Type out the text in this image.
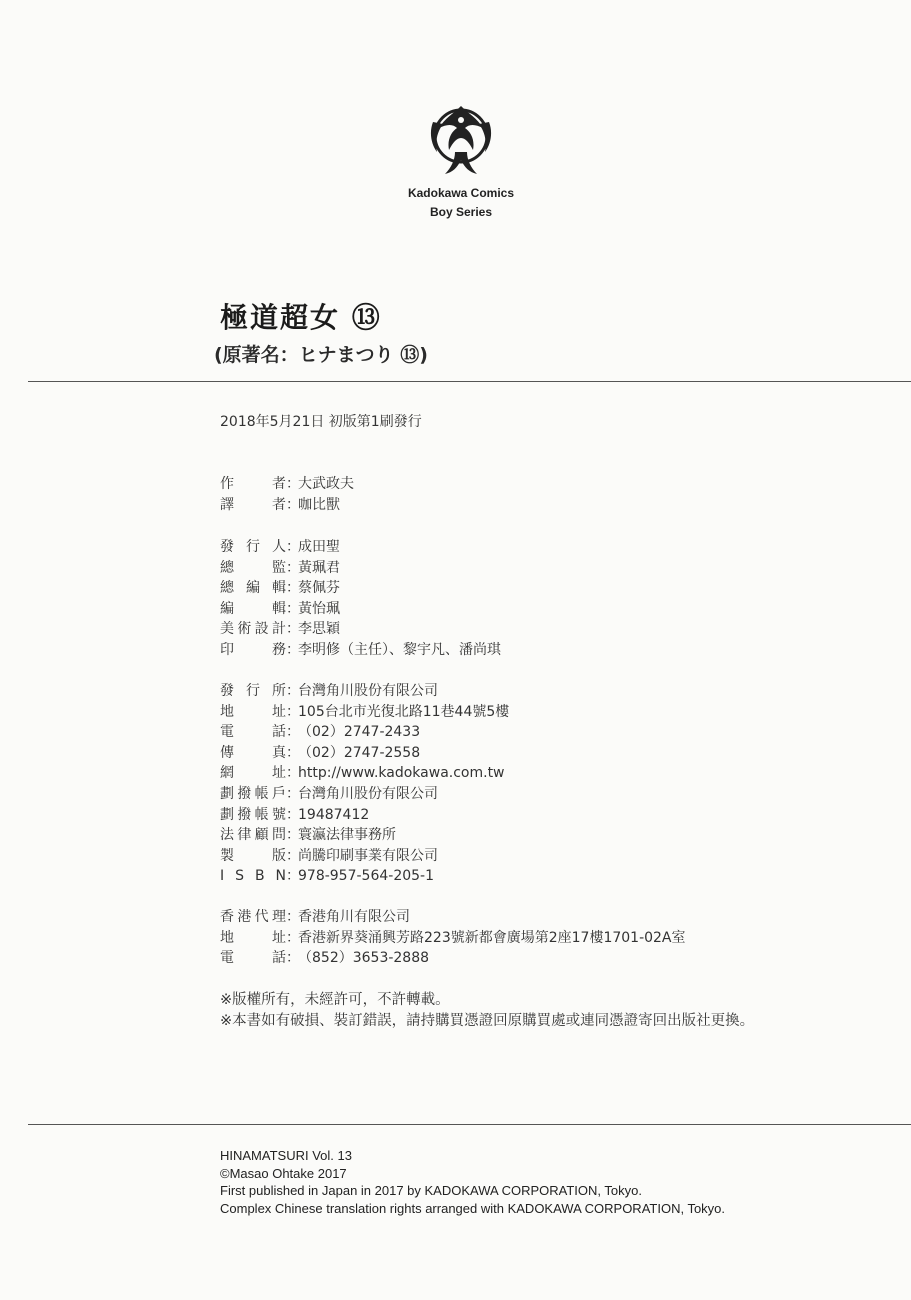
Kadokawa Comics
Boy Series
極道超女 ⑬
(原著名：ヒナまつり ⑬)
2018年5月21日 初版第1刷發行
作	者 ：
大武政夫
譯	者 ：
咖比獸
發 行 人 ：
成田聖
總	監 ：
黃珮君
總 編 輯 ：
蔡佩芬
編	輯 ：
黃怡珮
美 術 設 計 ：
李思穎
印	務 ：
李明修（主任）、黎宇凡、潘尚琪
發 行 所 ：
台灣角川股份有限公司
地	址 ：
105台北市光復北路11巷44號5樓
電	話 ：
（02）2747-2433
傳	真 ：
（02）2747-2558
網	址 ：
http://www.kadokawa.com.tw
劃 撥 帳 戶 ：
台灣角川股份有限公司
劃 撥 帳 號 ：
19487412
法 律 顧 問 ：
寰瀛法律事務所
製	版 ：
尚騰印刷事業有限公司
I S B N ：
978-957-564-205-1
香 港 代 理 ：
香港角川有限公司
地	址 ：
香港新界葵涌興芳路223號新都會廣場第2座17樓1701-02A室
電	話 ：
（852）3653-2888
※版權所有，未經許可，不許轉載。
※本書如有破損、裝訂錯誤，請持購買憑證回原購買處或連同憑證寄回出版社更換。
HINAMATSURI Vol. 13
©Masao Ohtake 2017
First published in Japan in 2017 by KADOKAWA CORPORATION, Tokyo.
Complex Chinese translation rights arranged with KADOKAWA CORPORATION, Tokyo.
